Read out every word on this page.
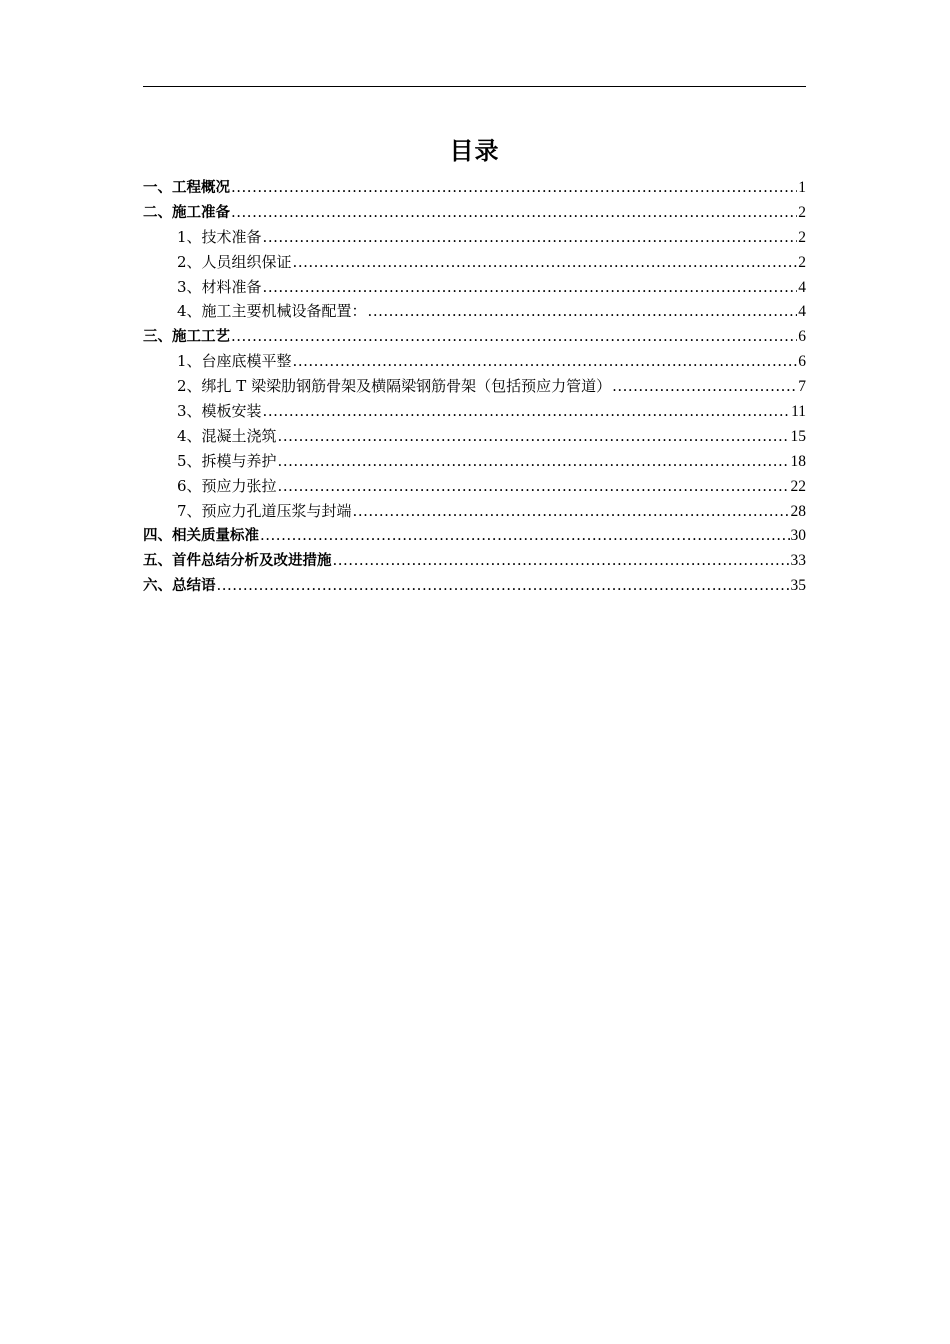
目录
一、工程概况 .....	1
二、施工准备 .....	2
1、技术准备 .....	2
2、人员组织保证 .....	2
3、材料准备 .....	4
4、施工主要机械设备配置： .....	4
三、施工工艺 .....	6
1、台座底模平整 .....	6
2、绑扎 T 梁梁肋钢筋骨架及横隔梁钢筋骨架（包括预应力管道） .....	7
3、模板安装 .....	11
4、混凝土浇筑 .....	15
5、拆模与养护 .....	18
6、预应力张拉 .....	22
7、预应力孔道压浆与封端 .....	28
四、相关质量标准 .....	30
五、首件总结分析及改进措施 .....	33
六、总结语 .....	35
